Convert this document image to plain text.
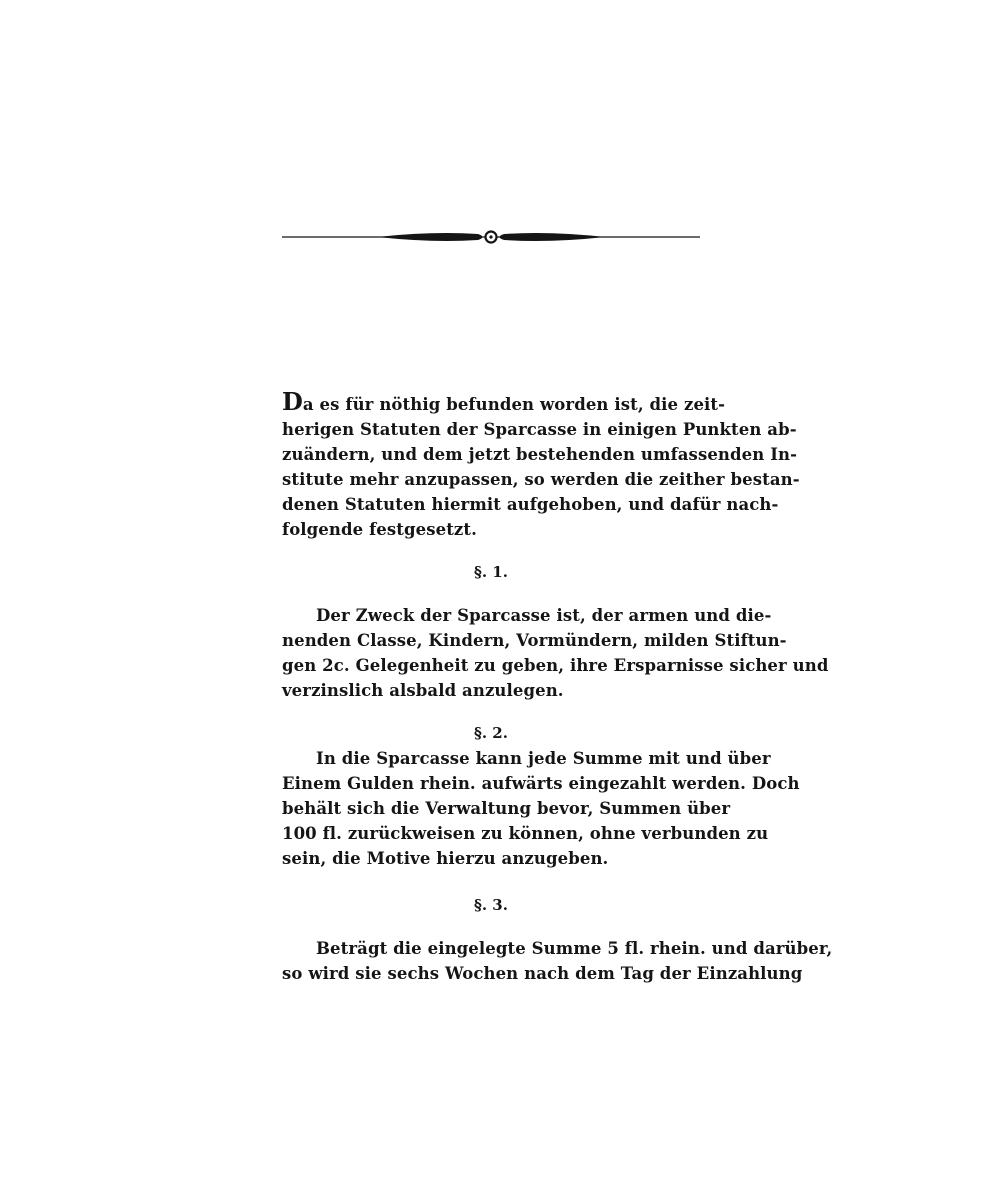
Da es für nöthig befunden worden ist, die zeit-
herigen Statuten der Sparcasse in einigen Punkten ab-
zuändern, und dem jetzt bestehenden umfassenden In-
stitute mehr anzupassen, so werden die zeither bestan-
denen Statuten hiermit aufgehoben, und dafür nach-
folgende festgesetzt.
§. 1.
Der Zweck der Sparcasse ist, der armen und die-
nenden Classe, Kindern, Vormündern, milden Stiftun-
gen 2c. Gelegenheit zu geben, ihre Ersparnisse sicher und
verzinslich alsbald anzulegen.
§. 2.
In die Sparcasse kann jede Summe mit und über
Einem Gulden rhein. aufwärts eingezahlt werden. Doch
behält sich die Verwaltung bevor, Summen über
100 fl. zurückweisen zu können, ohne verbunden zu
sein, die Motive hierzu anzugeben.
§. 3.
Beträgt die eingelegte Summe 5 fl. rhein. und darüber,
so wird sie sechs Wochen nach dem Tag der Einzahlung
